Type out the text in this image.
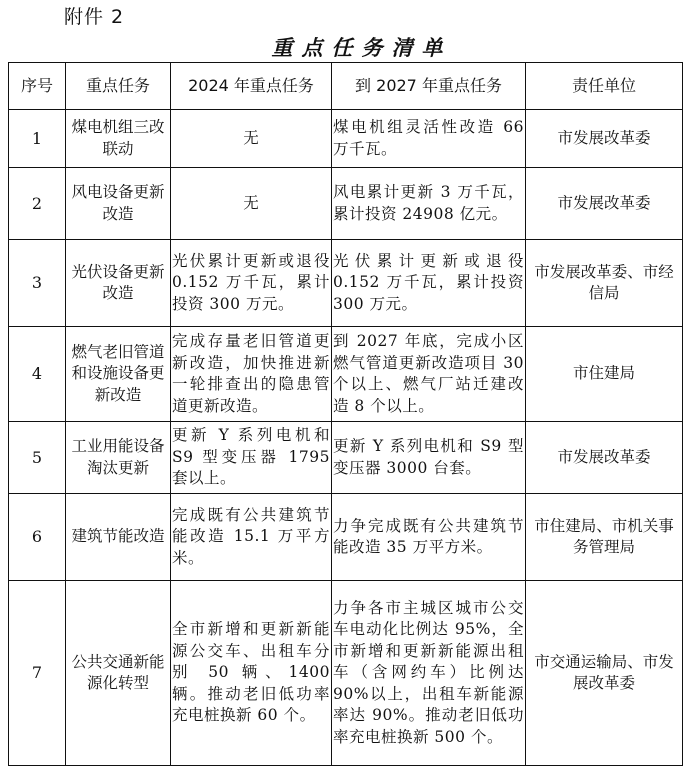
附件 2
重点任务清单
序号	重点任务	2024 年重点任务	到 2027 年重点任务	责任单位
1	煤电机组三改联动	无	煤电机组灵活性改造 66 万千瓦。	市发展改革委
2	风电设备更新改造	无	风电累计更新 3 万千瓦，累计投资 24908 亿元。	市发展改革委
3	光伏设备更新改造	光伏累计更新或退役 0.152 万千瓦，累计投资 300 万元。	光伏累计更新或退役 0.152 万千瓦，累计投资 300 万元。	市发展改革委、市经信局
4	燃气老旧管道和设施设备更新改造	完成存量老旧管道更新改造，加快推进新一轮排查出的隐患管道更新改造。	到 2027 年底，完成小区燃气管道更新改造项目 30 个以上、燃气厂站迁建改造 8 个以上。	市住建局
5	工业用能设备淘汰更新	更新 Y 系列电机和 S9 型变压器 1795 套以上。	更新 Y 系列电机和 S9 型变压器 3000 台套。	市发展改革委
6	建筑节能改造	完成既有公共建筑节能改造 15.1 万平方米。	力争完成既有公共建筑节能改造 35 万平方米。	市住建局、市机关事务管理局
7	公共交通新能源化转型	全市新增和更新新能源公交车、出租车分别 50 辆、1400 辆。推动老旧低功率充电桩换新 60 个。	力争各市主城区城市公交车电动化比例达 95%，全市新增和更新新能源出租车（含网约车）比例达 90%以上，出租车新能源率达 90%。推动老旧低功率充电桩换新 500 个。	市交通运输局、市发展改革委
